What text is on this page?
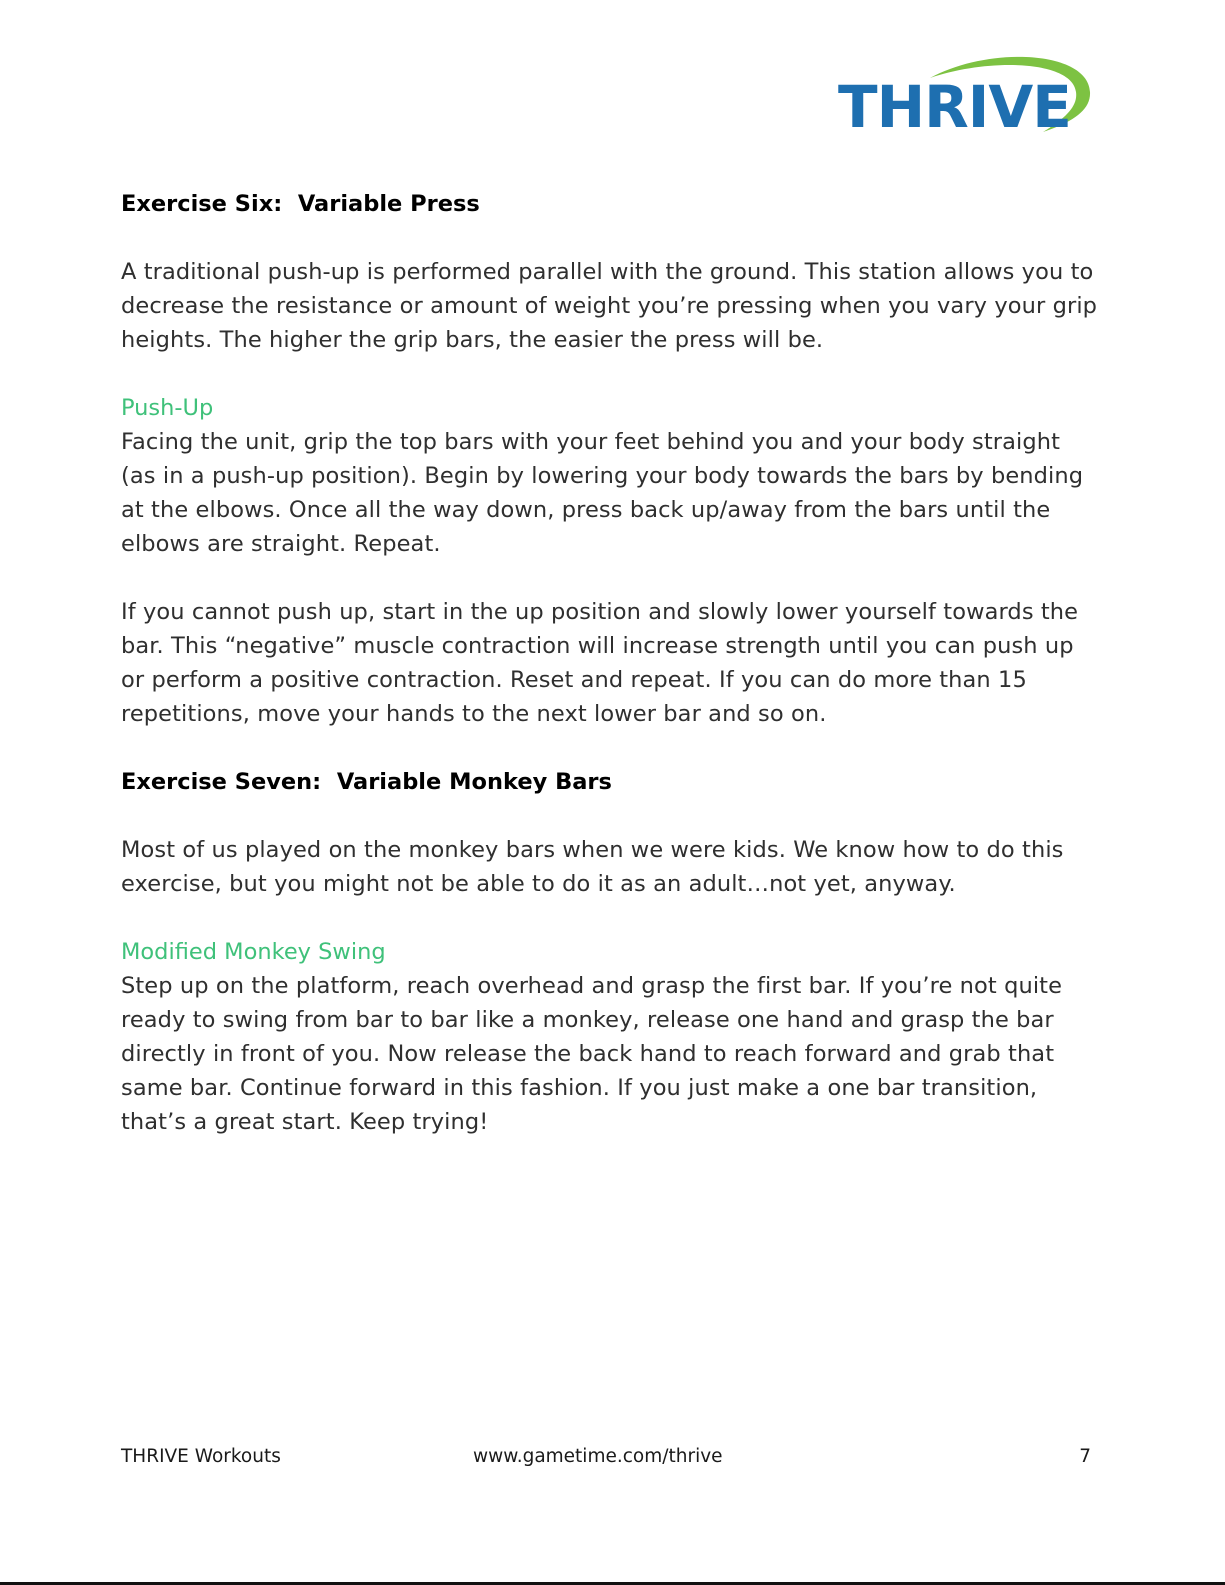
THRIVE
Exercise Six:  Variable Press

A traditional push-up is performed parallel with the ground. This station allows you to decrease the resistance or amount of weight you’re pressing when you vary your grip heights. The higher the grip bars, the easier the press will be.

Push-Up

Facing the unit, grip the top bars with your feet behind you and your body straight (as in a push-up position). Begin by lowering your body towards the bars by bending at the elbows. Once all the way down, press back up/away from the bars until the elbows are straight. Repeat.

If you cannot push up, start in the up position and slowly lower yourself towards the bar. This “negative” muscle contraction will increase strength until you can push up or perform a positive contraction. Reset and repeat. If you can do more than 15 repetitions, move your hands to the next lower bar and so on.

Exercise Seven:  Variable Monkey Bars

Most of us played on the monkey bars when we were kids. We know how to do this exercise, but you might not be able to do it as an adult…not yet, anyway.

Modified Monkey Swing

Step up on the platform, reach overhead and grasp the first bar. If you’re not quite ready to swing from bar to bar like a monkey, release one hand and grasp the bar directly in front of you. Now release the back hand to reach forward and grab that same bar. Continue forward in this fashion. If you just make a one bar transition, that’s a great start. Keep trying!

THRIVE Workouts	www.gametime.com/thrive	7
